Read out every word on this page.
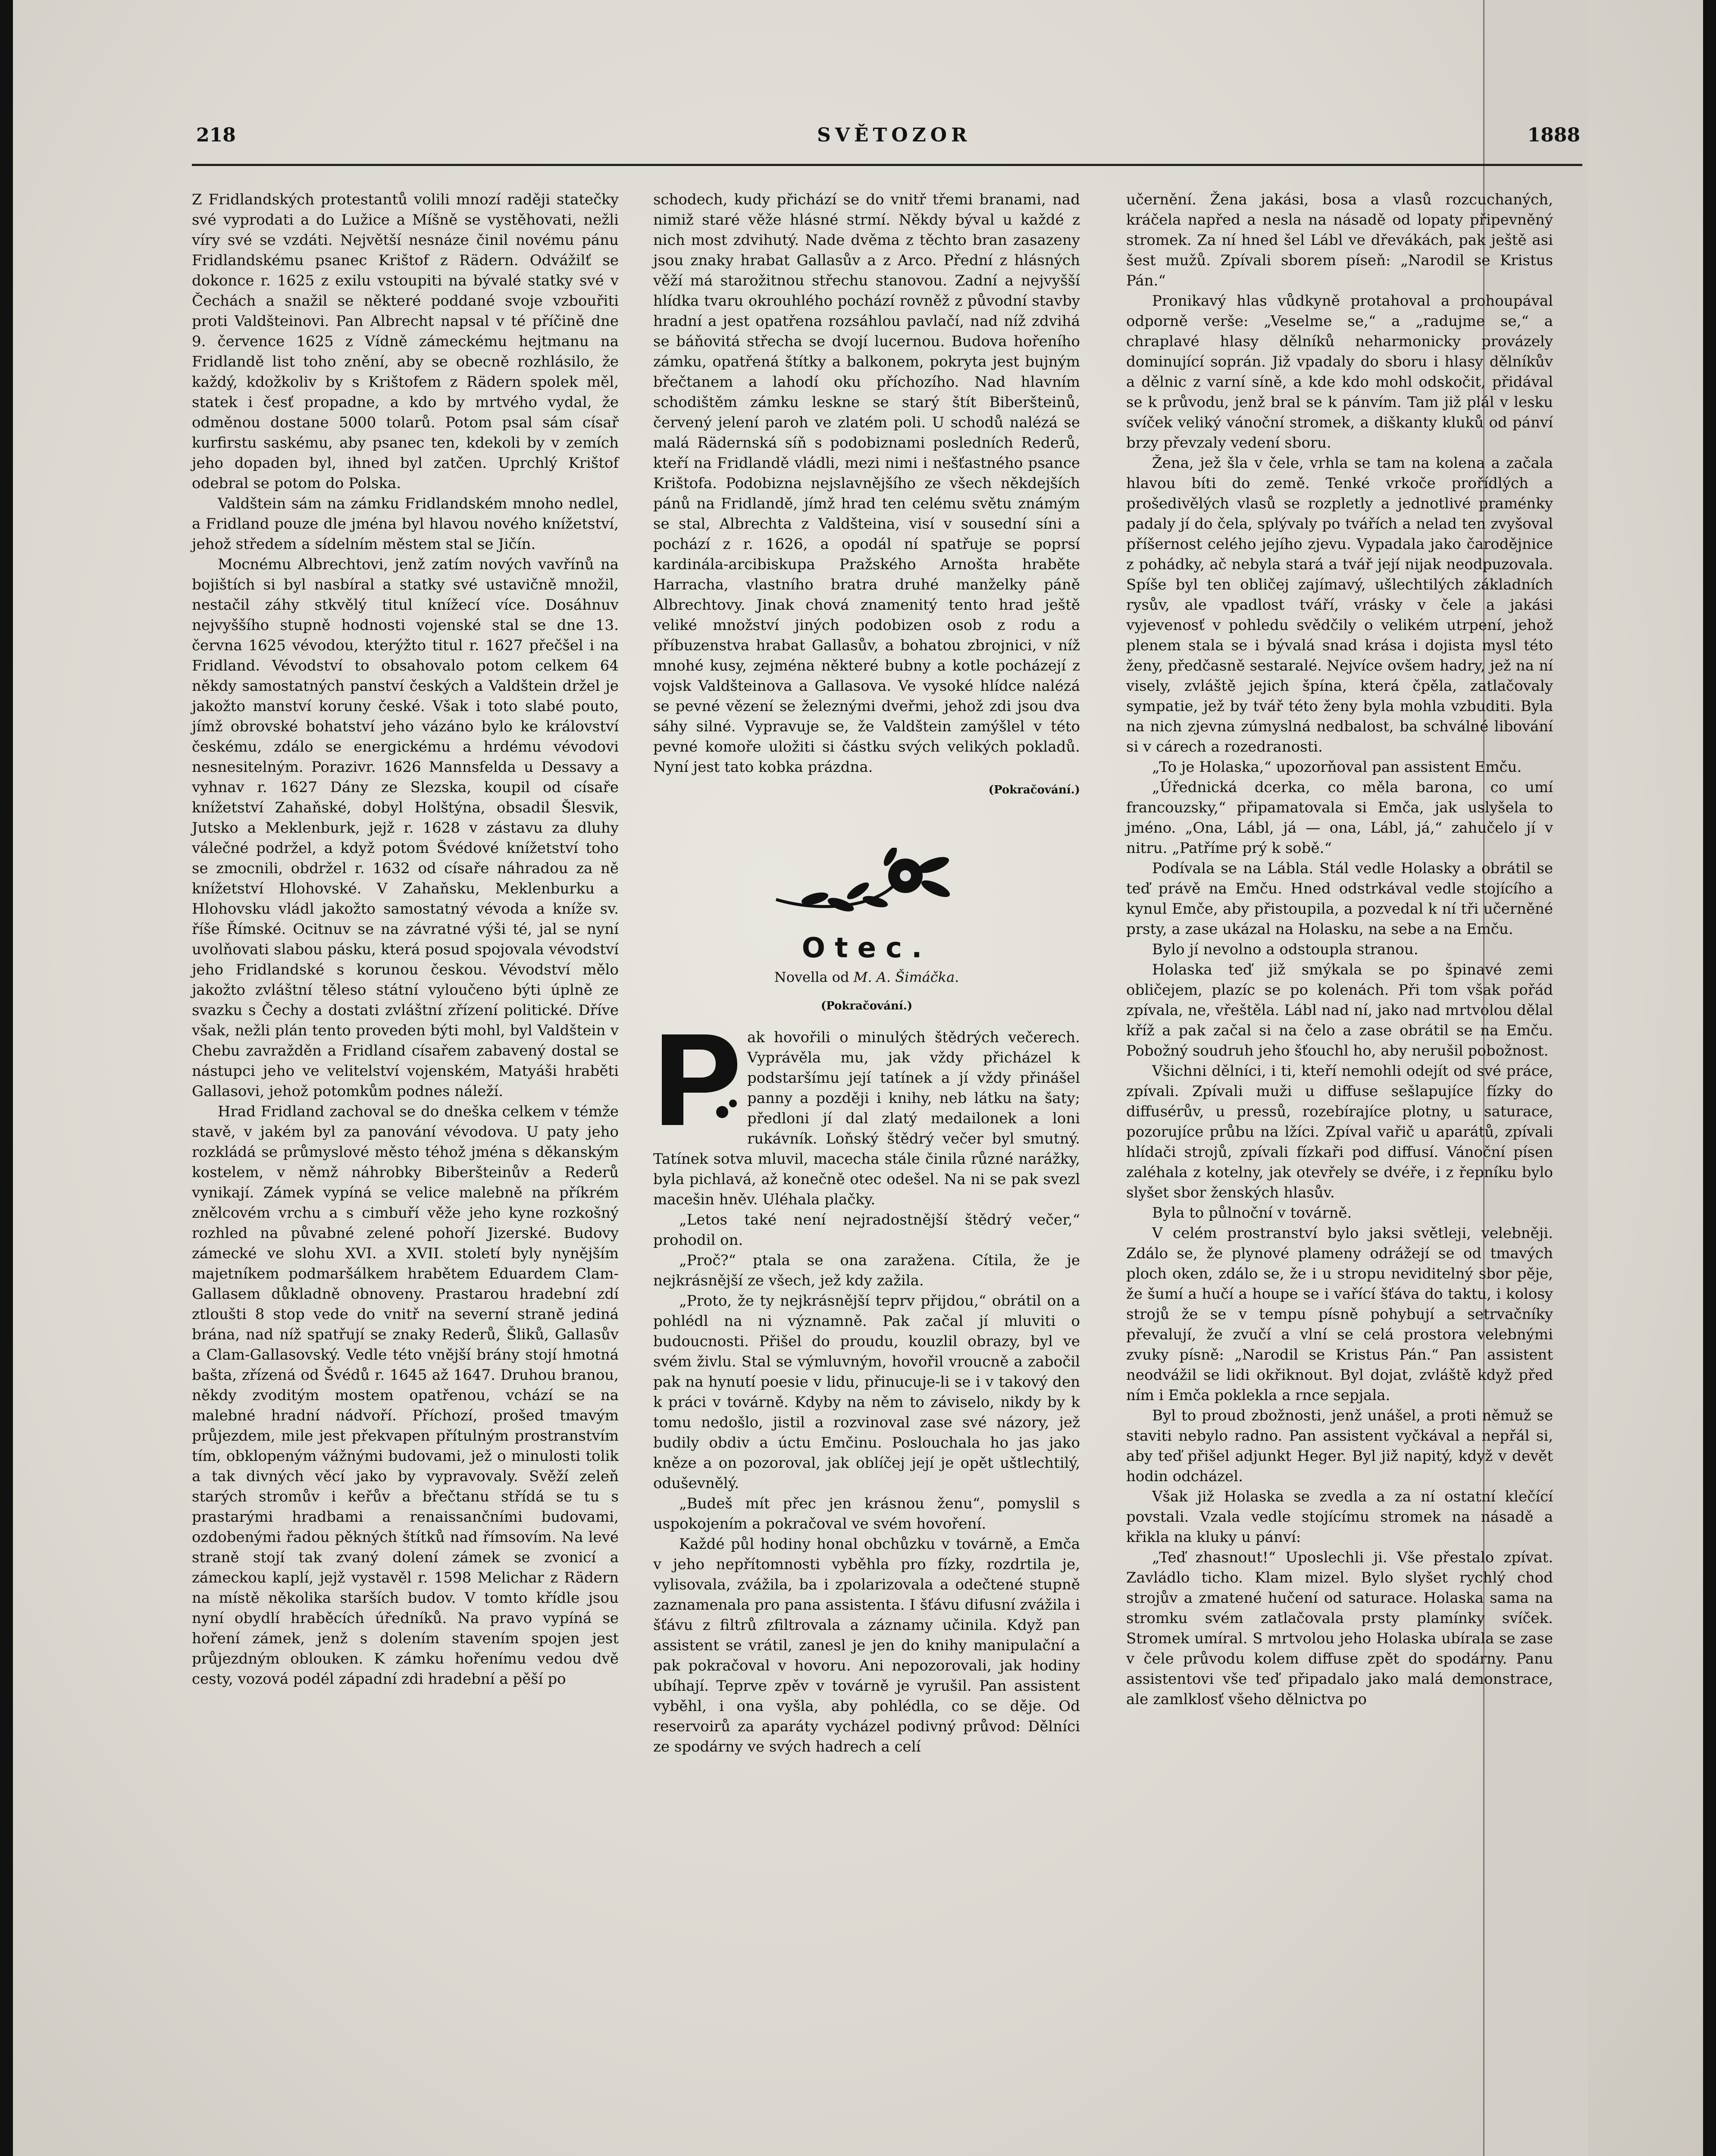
218	SVĚTOZOR	1888

Z Fridlandských protestantů volili mnozí raději statečky své vyprodati a do Lužice a Míšně se vystěhovati, nežli víry své se vzdáti. Největší nesnáze činil novému pánu Fridlandskému psanec Krištof z Rädern. Odvážilť se dokonce r. 1625 z exilu vstoupiti na bývalé statky své v Čechách a snažil se některé poddané svoje vzbouřiti proti Valdšteinovi. Pan Albrecht napsal v té příčině dne 9. července 1625 z Vídně zámeckému hejtmanu na Fridlandě list toho znění, aby se obecně rozhlásilo, že každý, kdožkoliv by s Krištofem z Rädern spolek měl, statek i česť propadne, a kdo by mrtvého vydal, že odměnou dostane 5000 tolarů. Potom psal sám císař kurfirstu saskému, aby psanec ten, kdekoli by v zemích jeho dopaden byl, ihned byl zatčen. Uprchlý Krištof odebral se potom do Polska.

Valdštein sám na zámku Fridlandském mnoho nedlel, a Fridland pouze dle jména byl hlavou nového knížetství, jehož středem a sídelním městem stal se Jičín.

Mocnému Albrechtovi, jenž zatím nových vavřínů na bojištích si byl nasbíral a statky své ustavičně množil, nestačil záhy stkvělý titul knížecí více. Dosáhnuv nejvyššího stupně hodnosti vojenské stal se dne 13. června 1625 vévodou, kterýžto titul r. 1627 přečšel i na Fridland. Vévodství to obsahovalo potom celkem 64 někdy samostatných panství českých a Valdštein držel je jakožto manství koruny české. Však i toto slabé pouto, jímž obrovské bohatství jeho vázáno bylo ke království českému, zdálo se energickému a hrdému vévodovi nesnesitelným. Porazivr. 1626 Mannsfelda u Dessavy a vyhnav r. 1627 Dány ze Slezska, koupil od císaře knížetství Zahaňské, dobyl Holštýna, obsadil Šlesvik, Jutsko a Meklenburk, jejž r. 1628 v zástavu za dluhy válečné podržel, a když potom Švédové knížetství toho se zmocnili, obdržel r. 1632 od císaře náhradou za ně knížetství Hlohovské. V Zahaňsku, Meklenburku a Hlohovsku vládl jakožto samostatný vévoda a kníže sv. říše Římské. Ocitnuv se na závratné výši té, jal se nyní uvolňovati slabou pásku, která posud spojovala vévodství jeho Fridlandské s korunou českou. Vévodství mělo jakožto zvláštní těleso státní vyloučeno býti úplně ze svazku s Čechy a dostati zvláštní zřízení politické. Dříve však, nežli plán tento proveden býti mohl, byl Valdštein v Chebu zavražděn a Fridland císařem zabavený dostal se nástupci jeho ve velitelství vojenském, Matyáši hraběti Gallasovi, jehož potomkům podnes náleží.

Hrad Fridland zachoval se do dneška celkem v témže stavě, v jakém byl za panování vévodova. U paty jeho rozkládá se průmyslové město téhož jména s děkanským kostelem, v němž náhrobky Biberšteinův a Rederů vynikají. Zámek vypíná se velice malebně na příkrém znělcovém vrchu a s cimbuří věže jeho kyne rozkošný rozhled na půvabné zelené pohoří Jizerské. Budovy zámecké ve slohu XVI. a XVII. století byly nynějším majetníkem podmaršálkem hrabětem Eduardem Clam-Gallasem důkladně obnoveny. Prastarou hradební zdí ztloušti 8 stop vede do vnitř na severní straně jediná brána, nad níž spatřují se znaky Rederů, Šliků, Gallasův a Clam-Gallasovský. Vedle této vnější brány stojí hmotná bašta, zřízená od Švédů r. 1645 až 1647. Druhou branou, někdy zvoditým mostem opatřenou, vchází se na malebné hradní nádvoří. Příchozí, prošed tmavým průjezdem, mile jest překvapen přítulným prostranstvím tím, obklopeným vážnými budovami, jež o minulosti tolik a tak divných věcí jako by vypravovaly. Svěží zeleň starých stromův i keřův a břečtanu střídá se tu s prastarými hradbami a renaissančními budovami, ozdobenými řadou pěkných štítků nad římsovím. Na levé straně stojí tak zvaný dolení zámek se zvonicí a zámeckou kaplí, jejž vystavěl r. 1598 Melichar z Rädern na místě několika starších budov. V tomto křídle jsou nyní obydlí hraběcích úředníků. Na pravo vypíná se hoření zámek, jenž s dolením stavením spojen jest průjezdným oblouken. K zámku hořenímu vedou dvě cesty, vozová podél západní zdi hradební a pěší po

schodech, kudy přichází se do vnitř třemi branami, nad nimiž staré věže hlásné strmí. Někdy býval u každé z nich most zdvihutý. Nade dvěma z těchto bran zasazeny jsou znaky hrabat Gallasův a z Arco. Přední z hlásných věží má starožitnou střechu stanovou. Zadní a nejvyšší hlídka tvaru okrouhlého pochází rovněž z původní stavby hradní a jest opatřena rozsáhlou pavlačí, nad níž zdvihá se báňovitá střecha se dvojí lucernou. Budova hořeního zámku, opatřená štítky a balkonem, pokryta jest bujným břečtanem a lahodí oku příchozího. Nad hlavním schodištěm zámku leskne se starý štít Biberšteinů, červený jelení paroh ve zlatém poli. U schodů nalézá se malá Rädernská síň s podobiznami posledních Rederů, kteří na Fridlandě vládli, mezi nimi i nešťastného psance Krištofa. Podobizna nejslavnějšího ze všech někdejších pánů na Fridlandě, jímž hrad ten celému světu známým se stal, Albrechta z Valdšteina, visí v sousední síni a pochází z r. 1626, a opodál ní spatřuje se poprsí kardinála-arcibiskupa Pražského Arnošta hraběte Harracha, vlastního bratra druhé manželky páně Albrechtovy. Jinak chová znamenitý tento hrad ještě veliké množství jiných podobizen osob z rodu a příbuzenstva hrabat Gallasův, a bohatou zbrojnici, v níž mnohé kusy, zejména některé bubny a kotle pocházejí z vojsk Valdšteinova a Gallasova. Ve vysoké hlídce nalézá se pevné vězení se železnými dveřmi, jehož zdi jsou dva sáhy silné. Vypravuje se, že Valdštein zamýšlel v této pevné komoře uložiti si částku svých velikých pokladů. Nyní jest tato kobka prázdna.

(Pokračování.)
Otec.
Novella od M. A. Šimáčka.
(Pokračování.)
P

ak hovořili o minulých štědrých večerech. Vyprávěla mu, jak vždy přicházel k podstaršímu její tatínek a jí vždy přinášel panny a později i knihy, neb látku na šaty; předloni jí dal zlatý medailonek a loni rukávník. Loňský štědrý večer byl smutný. Tatínek sotva mluvil, macecha stále činila různé narážky, byla pichlavá, až konečně otec odešel. Na ni se pak svezl macešin hněv. Uléhala plačky.

„Letos také není nejradostnější štědrý večer,“ prohodil on.

„Proč?“ ptala se ona zaražena. Cítila, že je nejkrásnější ze všech, jež kdy zažila.

„Proto, že ty nejkrásnější teprv přijdou,“ obrátil on a pohlédl na ni významně. Pak začal jí mluviti o budoucnosti. Přišel do proudu, kouzlil obrazy, byl ve svém živlu. Stal se výmluvným, hovořil vroucně a zabočil pak na hynutí poesie v lidu, přinucuje-li se i v takový den k práci v továrně. Kdyby na něm to záviselo, nikdy by k tomu nedošlo, jistil a rozvinoval zase své názory, jež budily obdiv a úctu Emčinu. Poslouchala ho jas jako kněze a on pozoroval, jak oblíčej její je opět uštlechtilý, oduševnělý.

„Budeš mít přec jen krásnou ženu“, pomyslil s uspokojením a pokračoval ve svém hovoření.

Každé půl hodiny honal obchůzku v továrně, a Emča v jeho nepřítomnosti vyběhla pro fízky, rozdrtila je, vylisovala, zvážila, ba i zpolarizovala a odečtené stupně zaznamenala pro pana assistenta. I šťávu difusní zvážila i šťávu z filtrů zfiltrovala a záznamy učinila. Když pan assistent se vrátil, zanesl je jen do knihy manipulační a pak pokračoval v hovoru. Ani nepozorovali, jak hodiny ubíhají. Teprve zpěv v továrně je vyrušil. Pan assistent vyběhl, i ona vyšla, aby pohlédla, co se děje. Od reservoirů za aparáty vycházel podivný průvod: Dělníci ze spodárny ve svých hadrech a celí

učernění. Žena jakási, bosa a vlasů rozcuchaných, kráčela napřed a nesla na násadě od lopaty připevněný stromek. Za ní hned šel Lábl ve dřevákách, pak ještě asi šest mužů. Zpívali sborem píseň: „Narodil se Kristus Pán.“

Pronikavý hlas vůdkyně protahoval a prohoupával odporně verše: „Veselme se,“ a „radujme se,“ a chraplavé hlasy dělníků neharmonicky provázely dominující soprán. Již vpadaly do sboru i hlasy dělníkův a dělnic z varní síně, a kde kdo mohl odskočit, přidával se k průvodu, jenž bral se k pánvím. Tam již plál v lesku svíček veliký vánoční stromek, a diškanty kluků od pánví brzy převzaly vedení sboru.

Žena, jež šla v čele, vrhla se tam na kolena a začala hlavou bíti do země. Tenké vrkoče prořídlých a prošedivělých vlasů se rozpletly a jednotlivé praménky padaly jí do čela, splývaly po tvářích a nelad ten zvyšoval příšernost celého jejího zjevu. Vypadala jako čarodějnice z pohádky, ač nebyla stará a tvář její nijak neodpuzovala. Spíše byl ten obličej zajímavý, ušlechtilých základních rysův, ale vpadlost tváří, vrásky v čele a jakási vyjevenosť v pohledu svědčily o velikém utrpení, jehož plenem stala se i bývalá snad krása i dojista mysl této ženy, předčasně sestaralé. Nejvíce ovšem hadry, jež na ní visely, zvláště jejich špína, která čpěla, zatlačovaly sympatie, jež by tvář této ženy byla mohla vzbuditi. Byla na nich zjevna zúmyslná nedbalost, ba schválné libování si v cárech a rozedranosti.

„To je Holaska,“ upozorňoval pan assistent Emču.

„Úřednická dcerka, co měla barona, co umí francouzsky,“ připamatovala si Emča, jak uslyšela to jméno. „Ona, Lábl, já — ona, Lábl, já,“ zahučelo jí v nitru. „Patříme prý k sobě.“

Podívala se na Lábla. Stál vedle Holasky a obrátil se teď právě na Emču. Hned odstrkával vedle stojícího a kynul Emče, aby přistoupila, a pozvedal k ní tři učerněné prsty, a zase ukázal na Holasku, na sebe a na Emču.

Bylo jí nevolno a odstoupla stranou.

Holaska teď již smýkala se po špinavé zemi obličejem, plazíc se po kolenách. Při tom však pořád zpívala, ne, vřeštěla. Lábl nad ní, jako nad mrtvolou dělal kříž a pak začal si na čelo a zase obrátil se na Emču. Pobožný soudruh jeho šťouchl ho, aby nerušil pobožnost.

Všichni dělníci, i ti, kteří nemohli odejít od své práce, zpívali. Zpívali muži u diffuse sešlapujíce fízky do diffusérův, u pressů, rozebírajíce plotny, u saturace, pozorujíce průbu na lžíci. Zpíval vařič u aparátů, zpívali hlídači strojů, zpívali fízkaři pod diffusí. Vánoční písen zaléhala z kotelny, jak otevřely se dvéře, i z řepníku bylo slyšet sbor ženských hlasův.

Byla to půlnoční v továrně.

V celém prostranství bylo jaksi světleji, velebněji. Zdálo se, že plynové plameny odrážejí se od tmavých ploch oken, zdálo se, že i u stropu neviditelný sbor pěje, že šumí a hučí a houpe se i vařící šťáva do taktu, i kolosy strojů že se v tempu písně pohybují a setrvačníky převalují, že zvučí a vlní se celá prostora velebnými zvuky písně: „Narodil se Kristus Pán.“ Pan assistent neodvážil se lidi okřiknout. Byl dojat, zvláště když před ním i Emča poklekla a rnce sepjala.

Byl to proud zbožnosti, jenž unášel, a proti němuž se staviti nebylo radno. Pan assistent vyčkával a nepřál si, aby teď přišel adjunkt Heger. Byl již napitý, když v devět hodin odcházel.

Však již Holaska se zvedla a za ní ostatní klečící povstali. Vzala vedle stojícímu stromek na násadě a křikla na kluky u pánví:

„Teď zhasnout!“ Uposlechli ji. Vše přestalo zpívat. Zavládlo ticho. Klam mizel. Bylo slyšet rychlý chod strojův a zmatené hučení od saturace. Holaska sama na stromku svém zatlačovala prsty plamínky svíček. Stromek umíral. S mrtvolou jeho Holaska ubírala se zase v čele průvodu kolem diffuse zpět do spodárny. Panu assistentovi vše teď připadalo jako malá demonstrace, ale zamlklosť všeho dělnictva po
